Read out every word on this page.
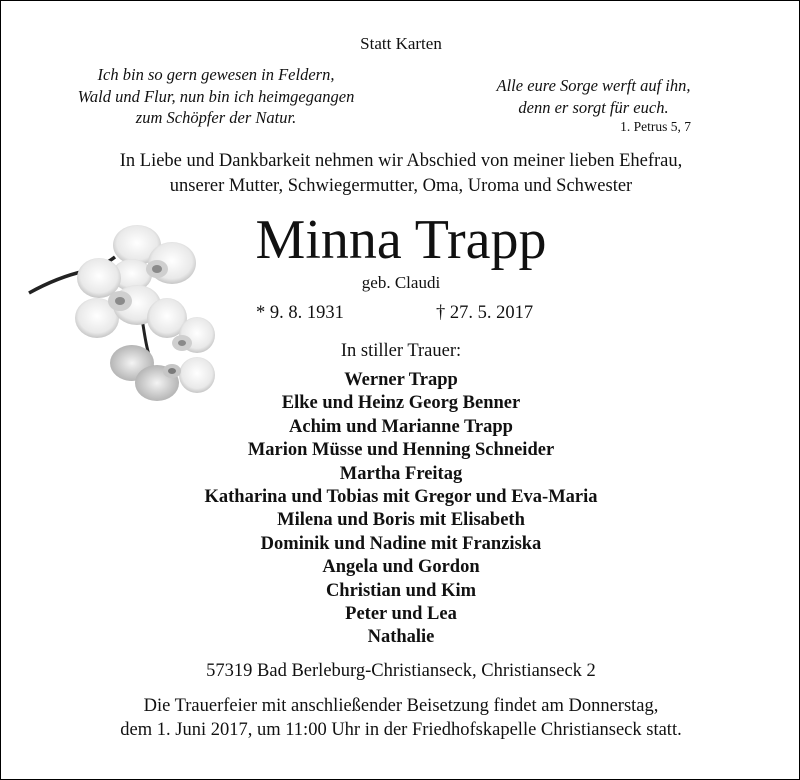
Statt Karten
Ich bin so gern gewesen in Feldern,
Wald und Flur, nun bin ich heimgegangen
zum Schöpfer der Natur.
Alle eure Sorge werft auf ihn,
denn er sorgt für euch.
1. Petrus 5, 7
In Liebe und Dankbarkeit nehmen wir Abschied von meiner lieben Ehefrau,
unserer Mutter, Schwiegermutter, Oma, Uroma und Schwester
Minna Trapp
geb. Claudi
* 9. 8. 1931	† 27. 5. 2017
In stiller Trauer:
Werner Trapp
Elke und Heinz Georg Benner
Achim und Marianne Trapp
Marion Müsse und Henning Schneider
Martha Freitag
Katharina und Tobias mit Gregor und Eva-Maria
Milena und Boris mit Elisabeth
Dominik und Nadine mit Franziska
Angela und Gordon
Christian und Kim
Peter und Lea
Nathalie
57319 Bad Berleburg-Christianseck, Christianseck 2
Die Trauerfeier mit anschließender Beisetzung findet am Donnerstag,
dem 1. Juni 2017, um 11:00 Uhr in der Friedhofskapelle Christianseck statt.
